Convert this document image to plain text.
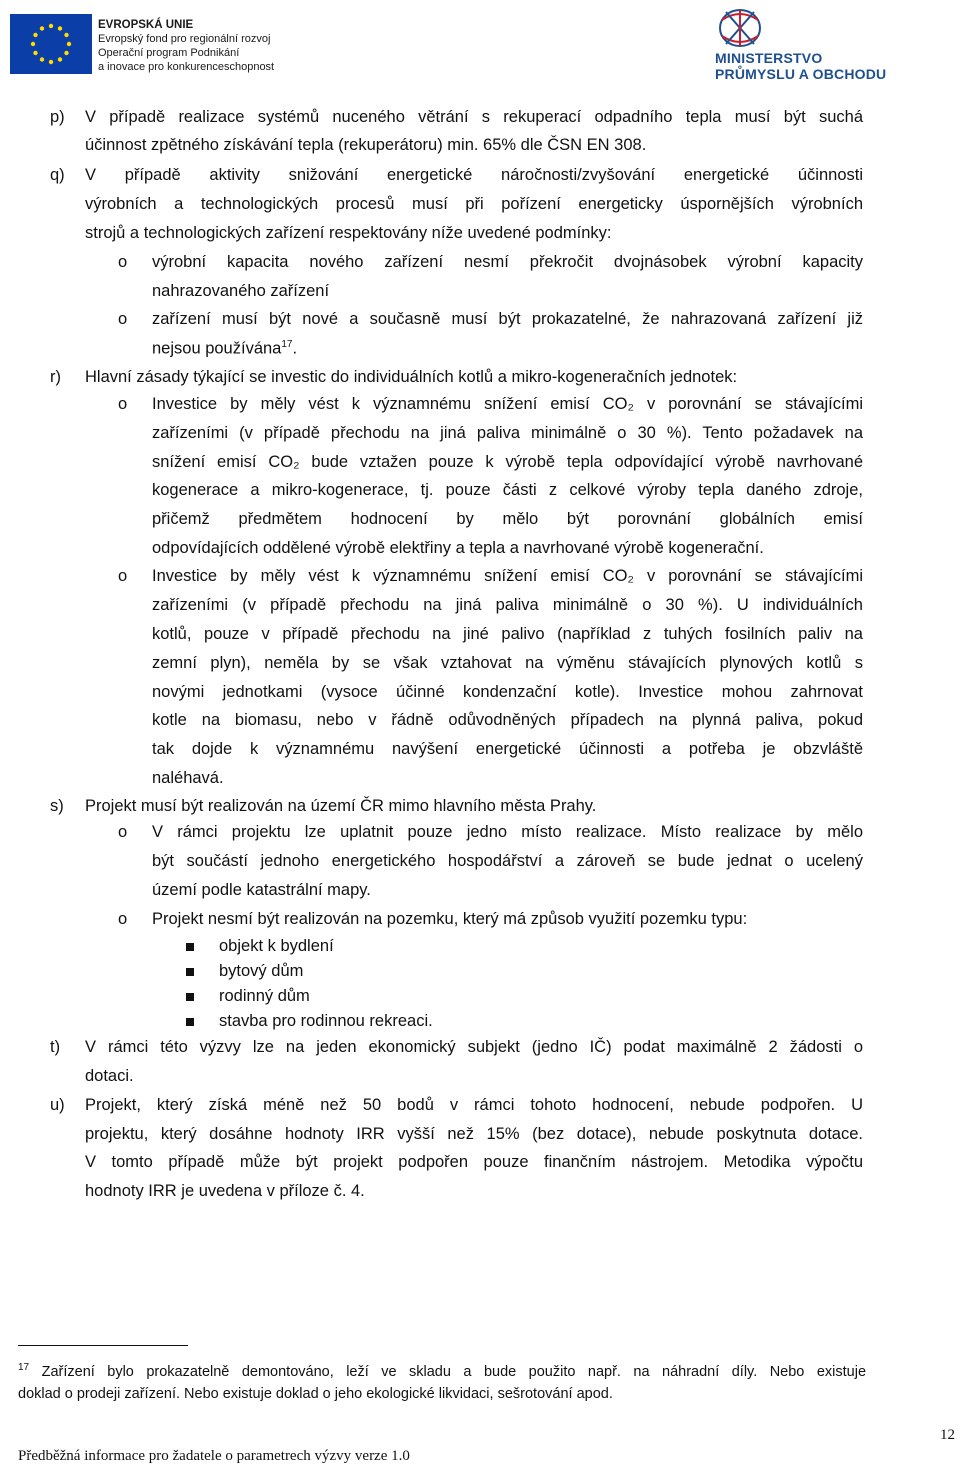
EVROPSKÁ UNIE
Evropský fond pro regionální rozvoj
Operační program Podnikání
a inovace pro konkurenceschopnost
MINISTERSTVO
PRŮMYSLU A OBCHODU
p) V případě realizace systémů nuceného větrání s rekuperací odpadního tepla musí být suchá
účinnost zpětného získávání tepla (rekuperátoru) min. 65% dle ČSN EN 308.
q) V případě aktivity snižování energetické náročnosti/zvyšování energetické účinnosti
výrobních a technologických procesů musí při pořízení energeticky úspornějších výrobních
strojů a technologických zařízení respektovány níže uvedené podmínky:
o výrobní kapacita nového zařízení nesmí překročit dvojnásobek výrobní kapacity
nahrazovaného zařízení
o zařízení musí být nové a současně musí být prokazatelné, že nahrazovaná zařízení již
nejsou používána$^{17}$.
r) Hlavní zásady týkající se investic do individuálních kotlů a mikro-kogeneračních jednotek:
o Investice by měly vést k významnému snížení emisí CO₂ v porovnání se stávajícími
zařízeními (v případě přechodu na jiná paliva minimálně o 30 %). Tento požadavek na
snížení emisí CO₂ bude vztažen pouze k výrobě tepla odpovídající výrobě navrhované
kogenerace a mikro-kogenerace, tj. pouze části z celkové výroby tepla daného zdroje,
přičemž předmětem hodnocení by mělo být porovnání globálních emisí
odpovídajících oddělené výrobě elektřiny a tepla a navrhované výrobě kogenerační.
o Investice by měly vést k významnému snížení emisí CO₂ v porovnání se stávajícími
zařízeními (v případě přechodu na jiná paliva minimálně o 30 %). U individuálních
kotlů, pouze v případě přechodu na jiné palivo (například z tuhých fosilních paliv na
zemní plyn), neměla by se však vztahovat na výměnu stávajících plynových kotlů s
novými jednotkami (vysoce účinné kondenzační kotle). Investice mohou zahrnovat
kotle na biomasu, nebo v řádně odůvodněných případech na plynná paliva, pokud
tak dojde k významnému navýšení energetické účinnosti a potřeba je obzvláště
naléhavá.
s) Projekt musí být realizován na území ČR mimo hlavního města Prahy.
o V rámci projektu lze uplatnit pouze jedno místo realizace. Místo realizace by mělo
být součástí jednoho energetického hospodářství a zároveň se bude jednat o ucelený
území podle katastrální mapy.
o Projekt nesmí být realizován na pozemku, který má způsob využití pozemku typu:
objekt k bydlení
bytový dům
rodinný dům
stavba pro rodinnou rekreaci.
t) V rámci této výzvy lze na jeden ekonomický subjekt (jedno IČ) podat maximálně 2 žádosti o
dotaci.
u) Projekt, který získá méně než 50 bodů v rámci tohoto hodnocení, nebude podpořen. U
projektu, který dosáhne hodnoty IRR vyšší než 15% (bez dotace), nebude poskytnuta dotace.
V tomto případě může být projekt podpořen pouze finančním nástrojem. Metodika výpočtu
hodnoty IRR je uvedena v příloze č. 4.
$^{17}$ Zařízení bylo prokazatelně demontováno, leží ve skladu a bude použito např. na náhradní díly. Nebo existuje
doklad o prodeji zařízení. Nebo existuje doklad o jeho ekologické likvidaci, sešrotování apod.
12
Předběžná informace pro žadatele o parametrech výzvy verze 1.0
